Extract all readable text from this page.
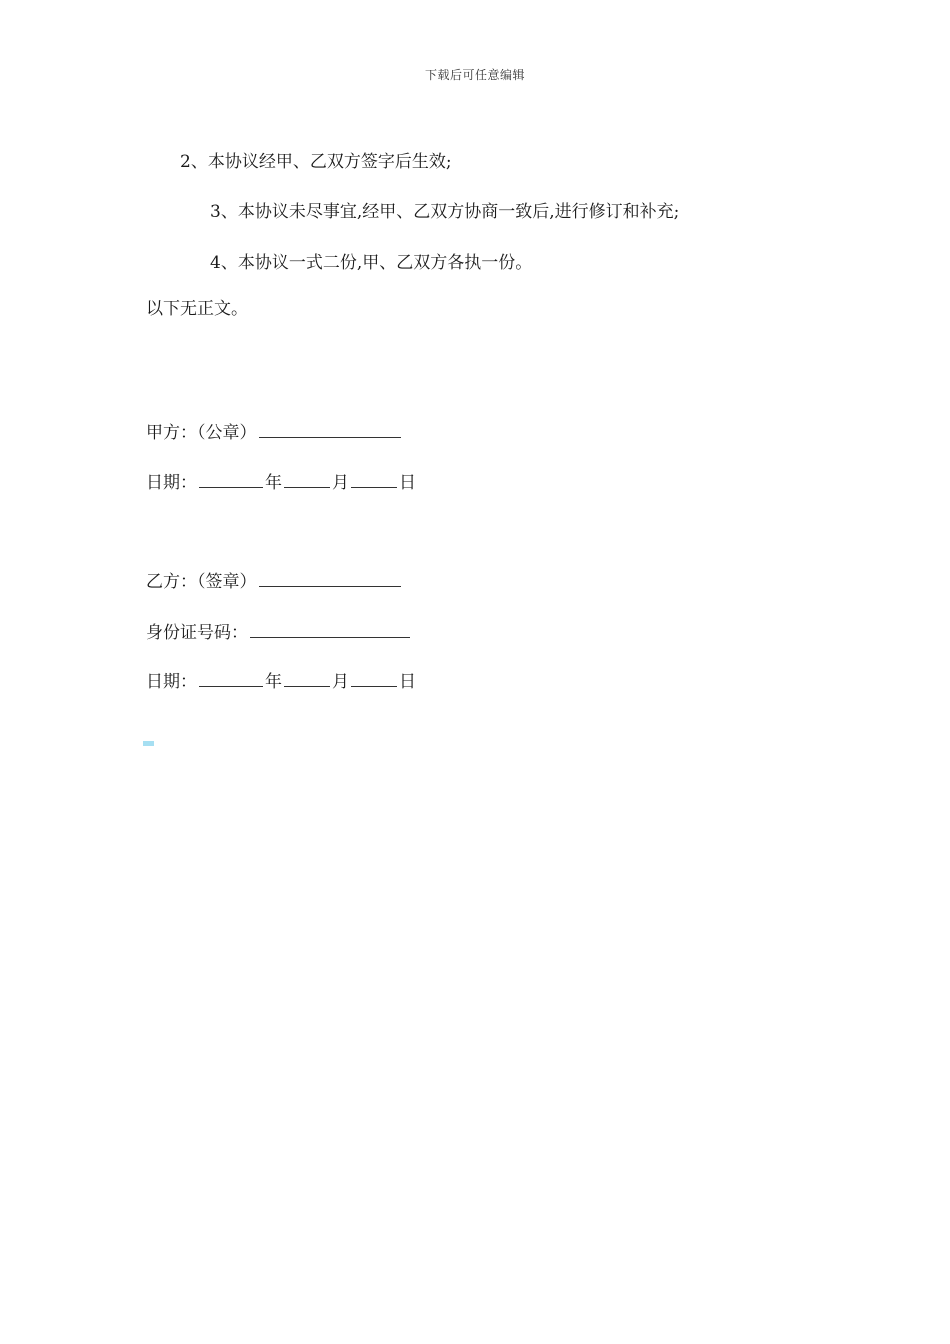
下载后可任意编辑
2、本协议经甲、乙双方签字后生效;
3、本协议未尽事宜,经甲、乙双方协商一致后,进行修订和补充;
4、本协议一式二份,甲、乙双方各执一份。
以下无正文。
甲方：（公章）
日期：	年	月	日
乙方：（签章）
身份证号码：
日期：	年	月	日
